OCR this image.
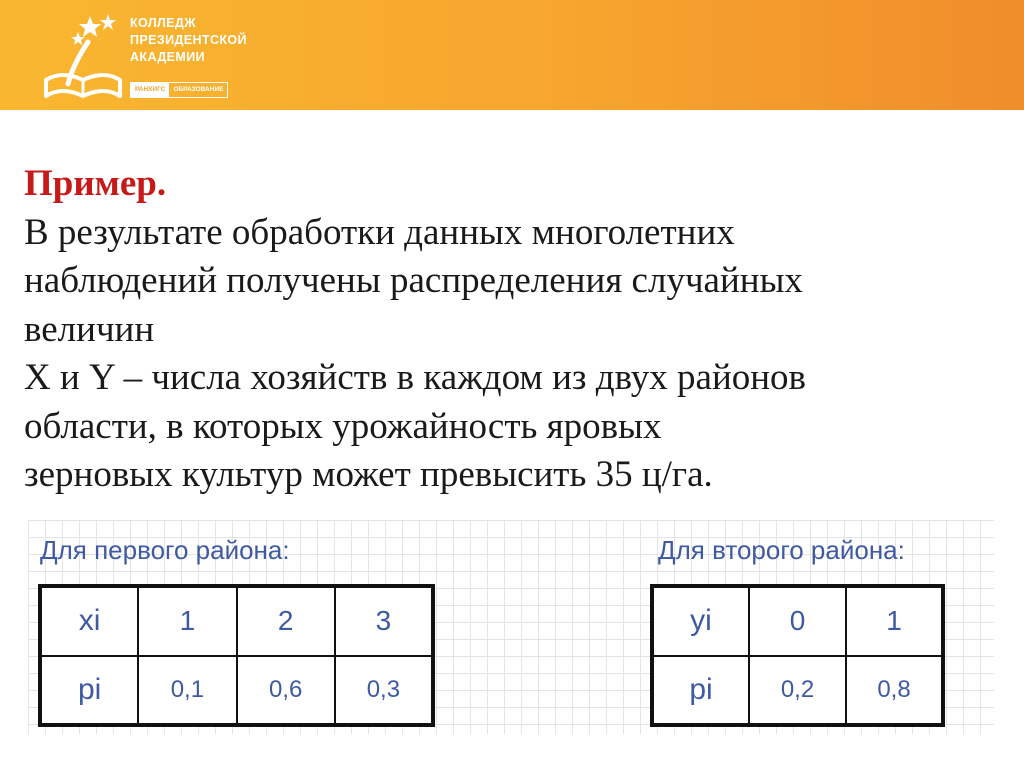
КОЛЛЕДЖ
ПРЕЗИДЕНТСКОЙ
АКАДЕМИИ
РАНХИГС	ОБРАЗОВАНИЕ
Пример.
В результате обработки данных многолетних
наблюдений получены распределения случайных
величин
X и Y – числа хозяйств в каждом из двух районов
области, в которых урожайность яровых
зерновых культур может превысить 35 ц/га.
Для первого района:
xi	1	2	3
pi	0,1	0,6	0,3
Для второго района:
yi	0	1
pi	0,2	0,8
